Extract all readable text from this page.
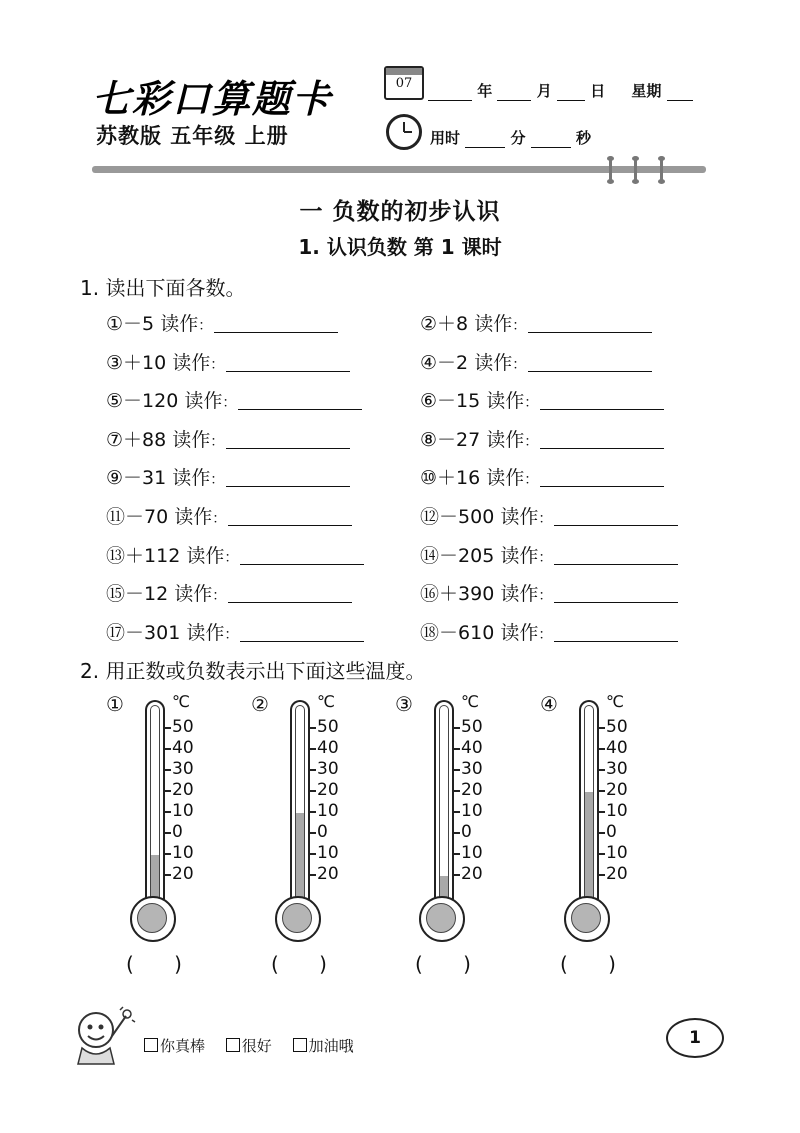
七彩口算题卡
苏教版 五年级 上册
07	年	月	日 星期
用时	分	秒
一 负数的初步认识
1. 认识负数 第 1 课时
1. 读出下面各数。
①－5 读作：	②＋8 读作：
③＋10 读作：	④－2 读作：
⑤－120 读作：	⑥－15 读作：
⑦＋88 读作：	⑧－27 读作：
⑨－31 读作：	⑩＋16 读作：
⑪－70 读作：	⑫－500 读作：
⑬＋112 读作：	⑭－205 读作：
⑮－12 读作：	⑯＋390 读作：
⑰－301 读作：	⑱－610 读作：
2. 用正数或负数表示出下面这些温度。
①	℃
50
40
30
20
10
0
10
20
( )
②	℃
50
40
30
20
10
0
10
20
( )
③	℃
50
40
30
20
10
0
10
20
( )
④	℃
50
40
30
20
10
0
10
20
( )
你真棒 很好 加油哦	1
